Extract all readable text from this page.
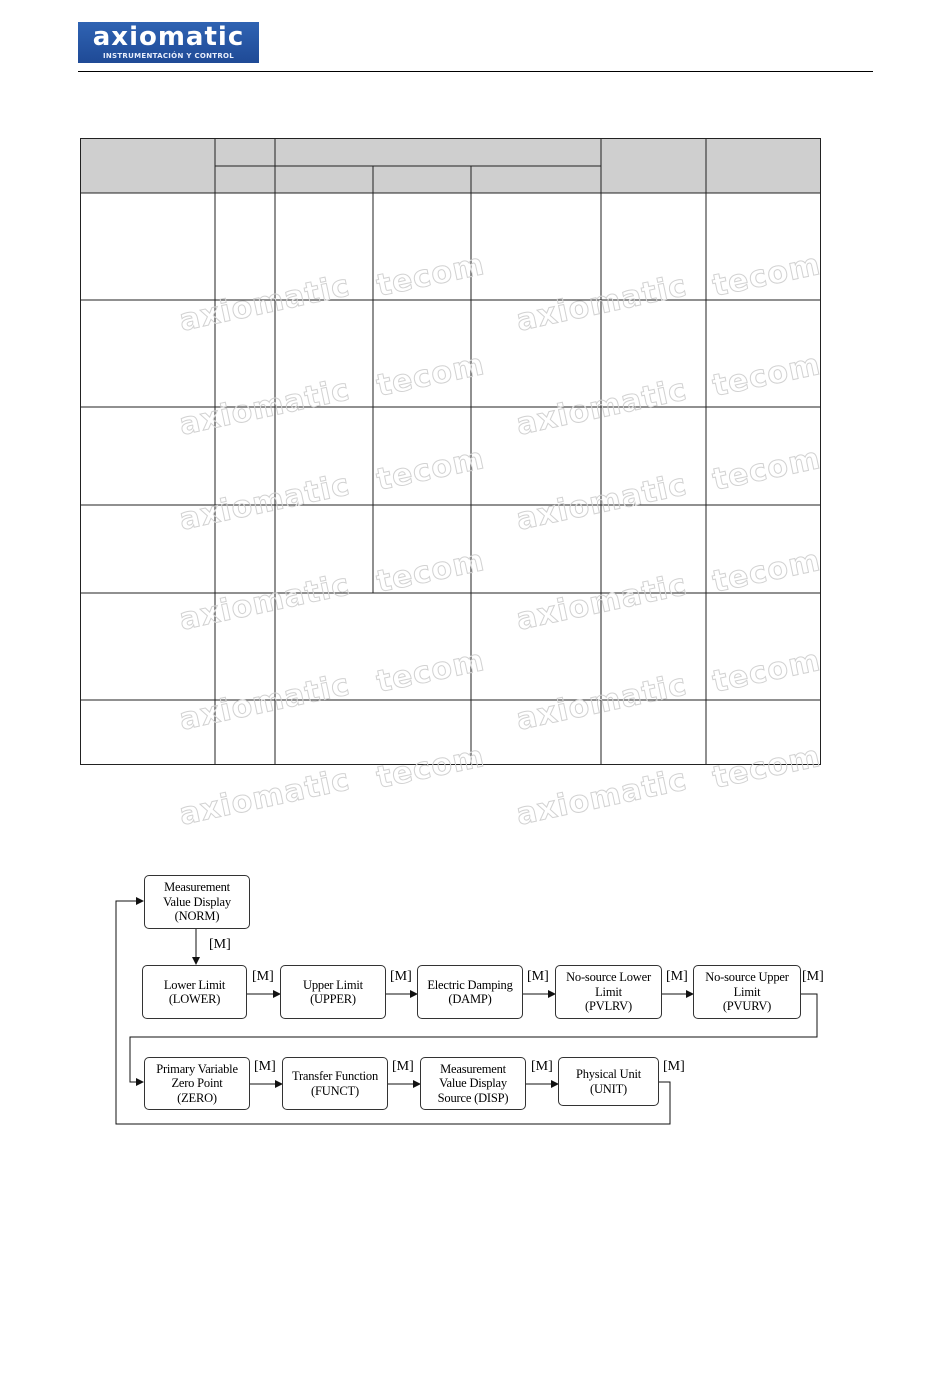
axiomatic
INSTRUMENTACIÓN Y CONTROL
axiomatic tecom axiomatic tecom
axiomatic tecom axiomatic tecom
axiomatic tecom axiomatic tecom
axiomatic tecom axiomatic tecom
axiomatic tecom axiomatic tecom
axiomatic tecom axiomatic tecom
Measurement
Value Display
(NORM)
Lower Limit
(LOWER)
Upper Limit
(UPPER)
Electric Damping
(DAMP)
No-source Lower
Limit
(PVLRV)
No-source Upper
Limit
(PVURV)
Primary Variable
Zero Point
(ZERO)
Transfer Function
(FUNCT)
Measurement
Value Display
Source (DISP)
Physical Unit
(UNIT)
[M]
[M]	[M]	[M]	[M]	[M]
[M]	[M]	[M]	[M]
